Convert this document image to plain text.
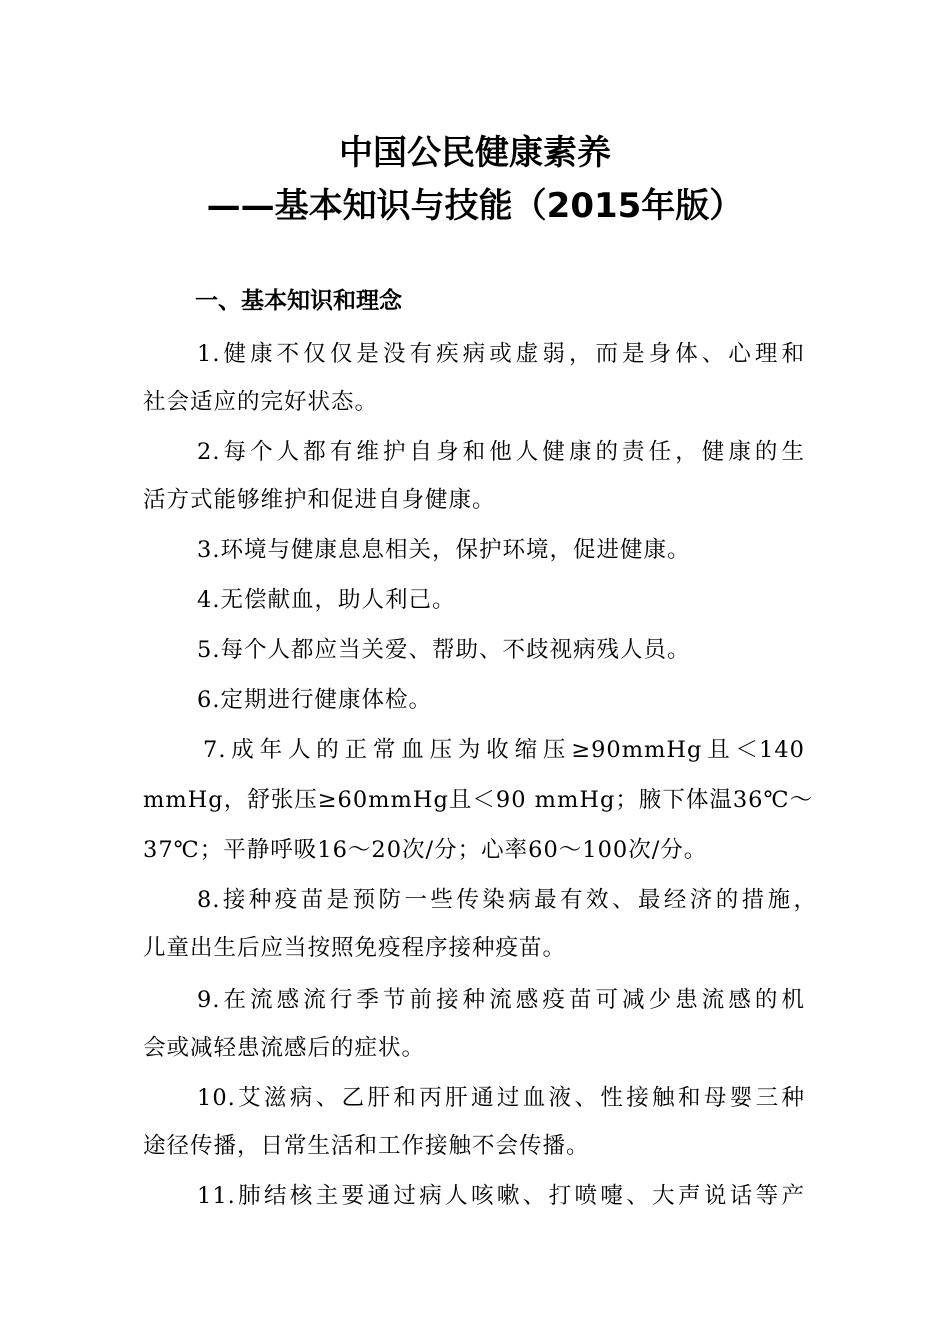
中国公民健康素养
——基本知识与技能（2015年版）
一、基本知识和理念
1.健康不仅仅是没有疾病或虚弱，而是身体、心理和
社会适应的完好状态。
2.每个人都有维护自身和他人健康的责任，健康的生
活方式能够维护和促进自身健康。
3.环境与健康息息相关，保护环境，促进健康。
4.无偿献血，助人利己。
5.每个人都应当关爱、帮助、不歧视病残人员。
6.定期进行健康体检。
7.成年人的正常血压为收缩压≥90mmHg且＜140
mmHg，舒张压≥60mmHg且＜90 mmHg；腋下体温36℃～
37℃；平静呼吸16～20次/分；心率60～100次/分。
8.接种疫苗是预防一些传染病最有效、最经济的措施，
儿童出生后应当按照免疫程序接种疫苗。
9.在流感流行季节前接种流感疫苗可减少患流感的机
会或减轻患流感后的症状。
10.艾滋病、乙肝和丙肝通过血液、性接触和母婴三种
途径传播，日常生活和工作接触不会传播。
11.肺结核主要通过病人咳嗽、打喷嚏、大声说话等产
